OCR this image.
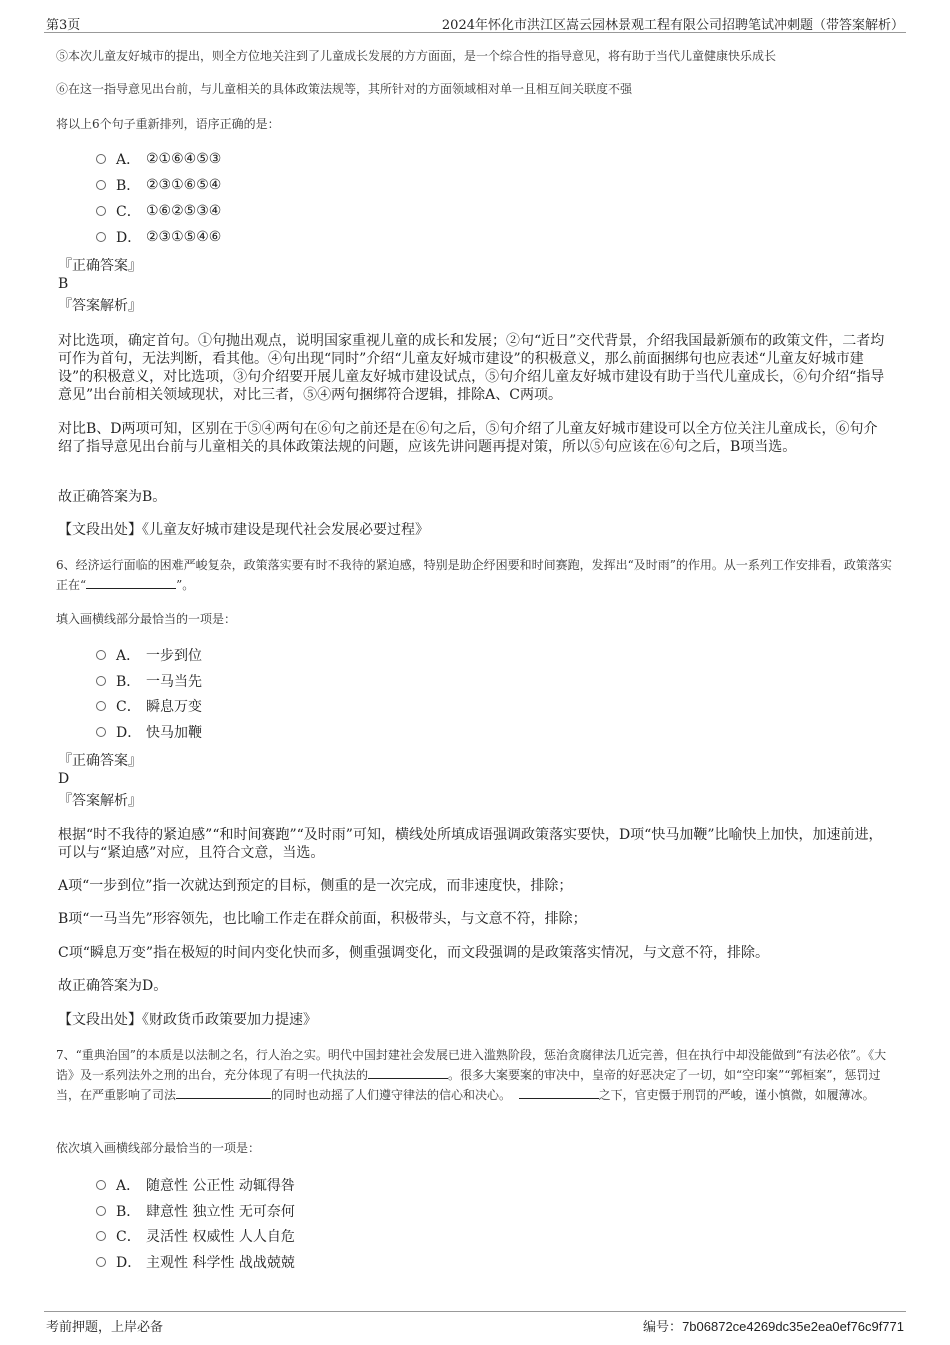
第3页	2024年怀化市洪江区嵩云园林景观工程有限公司招聘笔试冲刺题（带答案解析）
⑤本次儿童友好城市的提出，则全方位地关注到了儿童成长发展的方方面面，是一个综合性的指导意见，将有助于当代儿童健康快乐成长
⑥在这一指导意见出台前，与儿童相关的具体政策法规等，其所针对的方面领域相对单一且相互间关联度不强
将以上6个句子重新排列，语序正确的是：
A． ②①⑥④⑤③
B． ②③①⑥⑤④
C． ①⑥②⑤③④
D． ②③①⑤④⑥
『正确答案』
B
『答案解析』
对比选项，确定首句。①句抛出观点，说明国家重视儿童的成长和发展；②句“近日”交代背景，介绍我国最新颁布的政策文件，二者均可作为首句，无法判断，看其他。④句出现“同时”介绍“儿童友好城市建设”的积极意义，那么前面捆绑句也应表述“儿童友好城市建设”的积极意义，对比选项，③句介绍要开展儿童友好城市建设试点，⑤句介绍儿童友好城市建设有助于当代儿童成长，⑥句介绍“指导意见”出台前相关领域现状，对比三者，⑤④两句捆绑符合逻辑，排除A、C两项。
对比B、D两项可知，区别在于⑤④两句在⑥句之前还是在⑥句之后，⑤句介绍了儿童友好城市建设可以全方位关注儿童成长，⑥句介绍了指导意见出台前与儿童相关的具体政策法规的问题，应该先讲问题再提对策，所以⑤句应该在⑥句之后，B项当选。
故正确答案为B。
【文段出处】《儿童友好城市建设是现代社会发展必要过程》
6、经济运行面临的困难严峻复杂，政策落实要有时不我待的紧迫感，特别是助企纾困要和时间赛跑，发挥出“及时雨”的作用。从一系列工作安排看，政策落实正在“	”。
填入画横线部分最恰当的一项是：
A． 一步到位
B． 一马当先
C． 瞬息万变
D． 快马加鞭
『正确答案』
D
『答案解析』
根据“时不我待的紧迫感”“和时间赛跑”“及时雨”可知，横线处所填成语强调政策落实要快，D项“快马加鞭”比喻快上加快，加速前进，可以与“紧迫感”对应，且符合文意，当选。
A项“一步到位”指一次就达到预定的目标，侧重的是一次完成，而非速度快，排除；
B项“一马当先”形容领先，也比喻工作走在群众前面，积极带头，与文意不符，排除；
C项“瞬息万变”指在极短的时间内变化快而多，侧重强调变化，而文段强调的是政策落实情况，与文意不符，排除。
故正确答案为D。
【文段出处】《财政货币政策要加力提速》
7、“重典治国”的本质是以法制之名，行人治之实。明代中国封建社会发展已进入滥熟阶段，惩治贪腐律法几近完善，但在执行中却没能做到“有法必依”。《大诰》及一系列法外之刑的出台，充分体现了有明一代执法的	。很多大案要案的审决中，皇帝的好恶决定了一切，如“空印案”“郭桓案”，惩罚过当，在严重影响了司法	的同时也动摇了人们遵守律法的信心和决心。	之下，官吏慑于刑罚的严峻，谨小慎微，如履薄冰。
依次填入画横线部分最恰当的一项是：
A． 随意性 公正性 动辄得咎
B． 肆意性 独立性 无可奈何
C． 灵活性 权威性 人人自危
D． 主观性 科学性 战战兢兢
考前押题，上岸必备	编号：7b06872ce4269dc35e2ea0ef76c9f771
